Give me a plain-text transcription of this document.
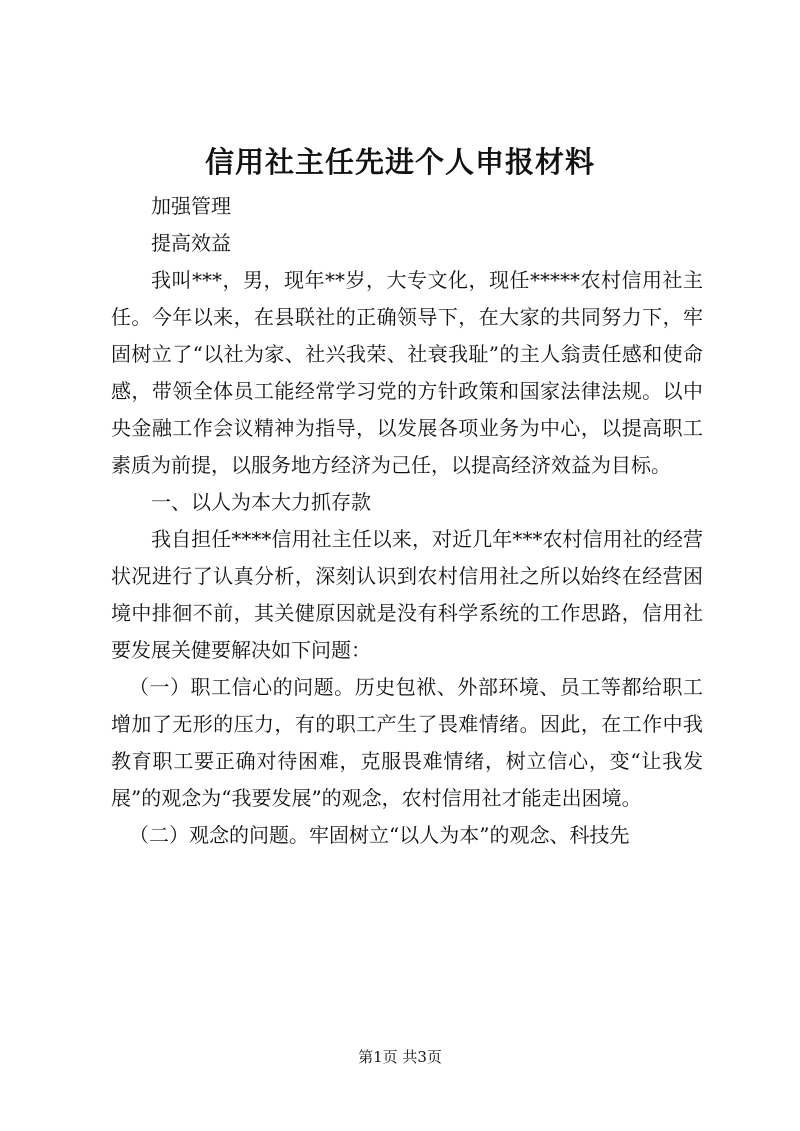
信用社主任先进个人申报材料

加强管理

提高效益

我叫***，男，现年**岁，大专文化，现任*****农村信用社主任。今年以来，在县联社的正确领导下，在大家的共同努力下，牢固树立了“以社为家、社兴我荣、社衰我耻”的主人翁责任感和使命感，带领全体员工能经常学习党的方针政策和国家法律法规。以中央金融工作会议精神为指导，以发展各项业务为中心，以提高职工素质为前提，以服务地方经济为己任，以提高经济效益为目标。

一、以人为本大力抓存款

我自担任****信用社主任以来，对近几年***农村信用社的经营状况进行了认真分析，深刻认识到农村信用社之所以始终在经营困境中排徊不前，其关健原因就是没有科学系统的工作思路，信用社要发展关健要解决如下问题：

（一）职工信心的问题。历史包袱、外部环境、员工等都给职工增加了无形的压力，有的职工产生了畏难情绪。因此，在工作中我教育职工要正确对待困难，克服畏难情绪，树立信心，变“让我发展”的观念为“我要发展”的观念，农村信用社才能走出困境。

（二）观念的问题。牢固树立“以人为本”的观念、科技先

第1页 共3页
